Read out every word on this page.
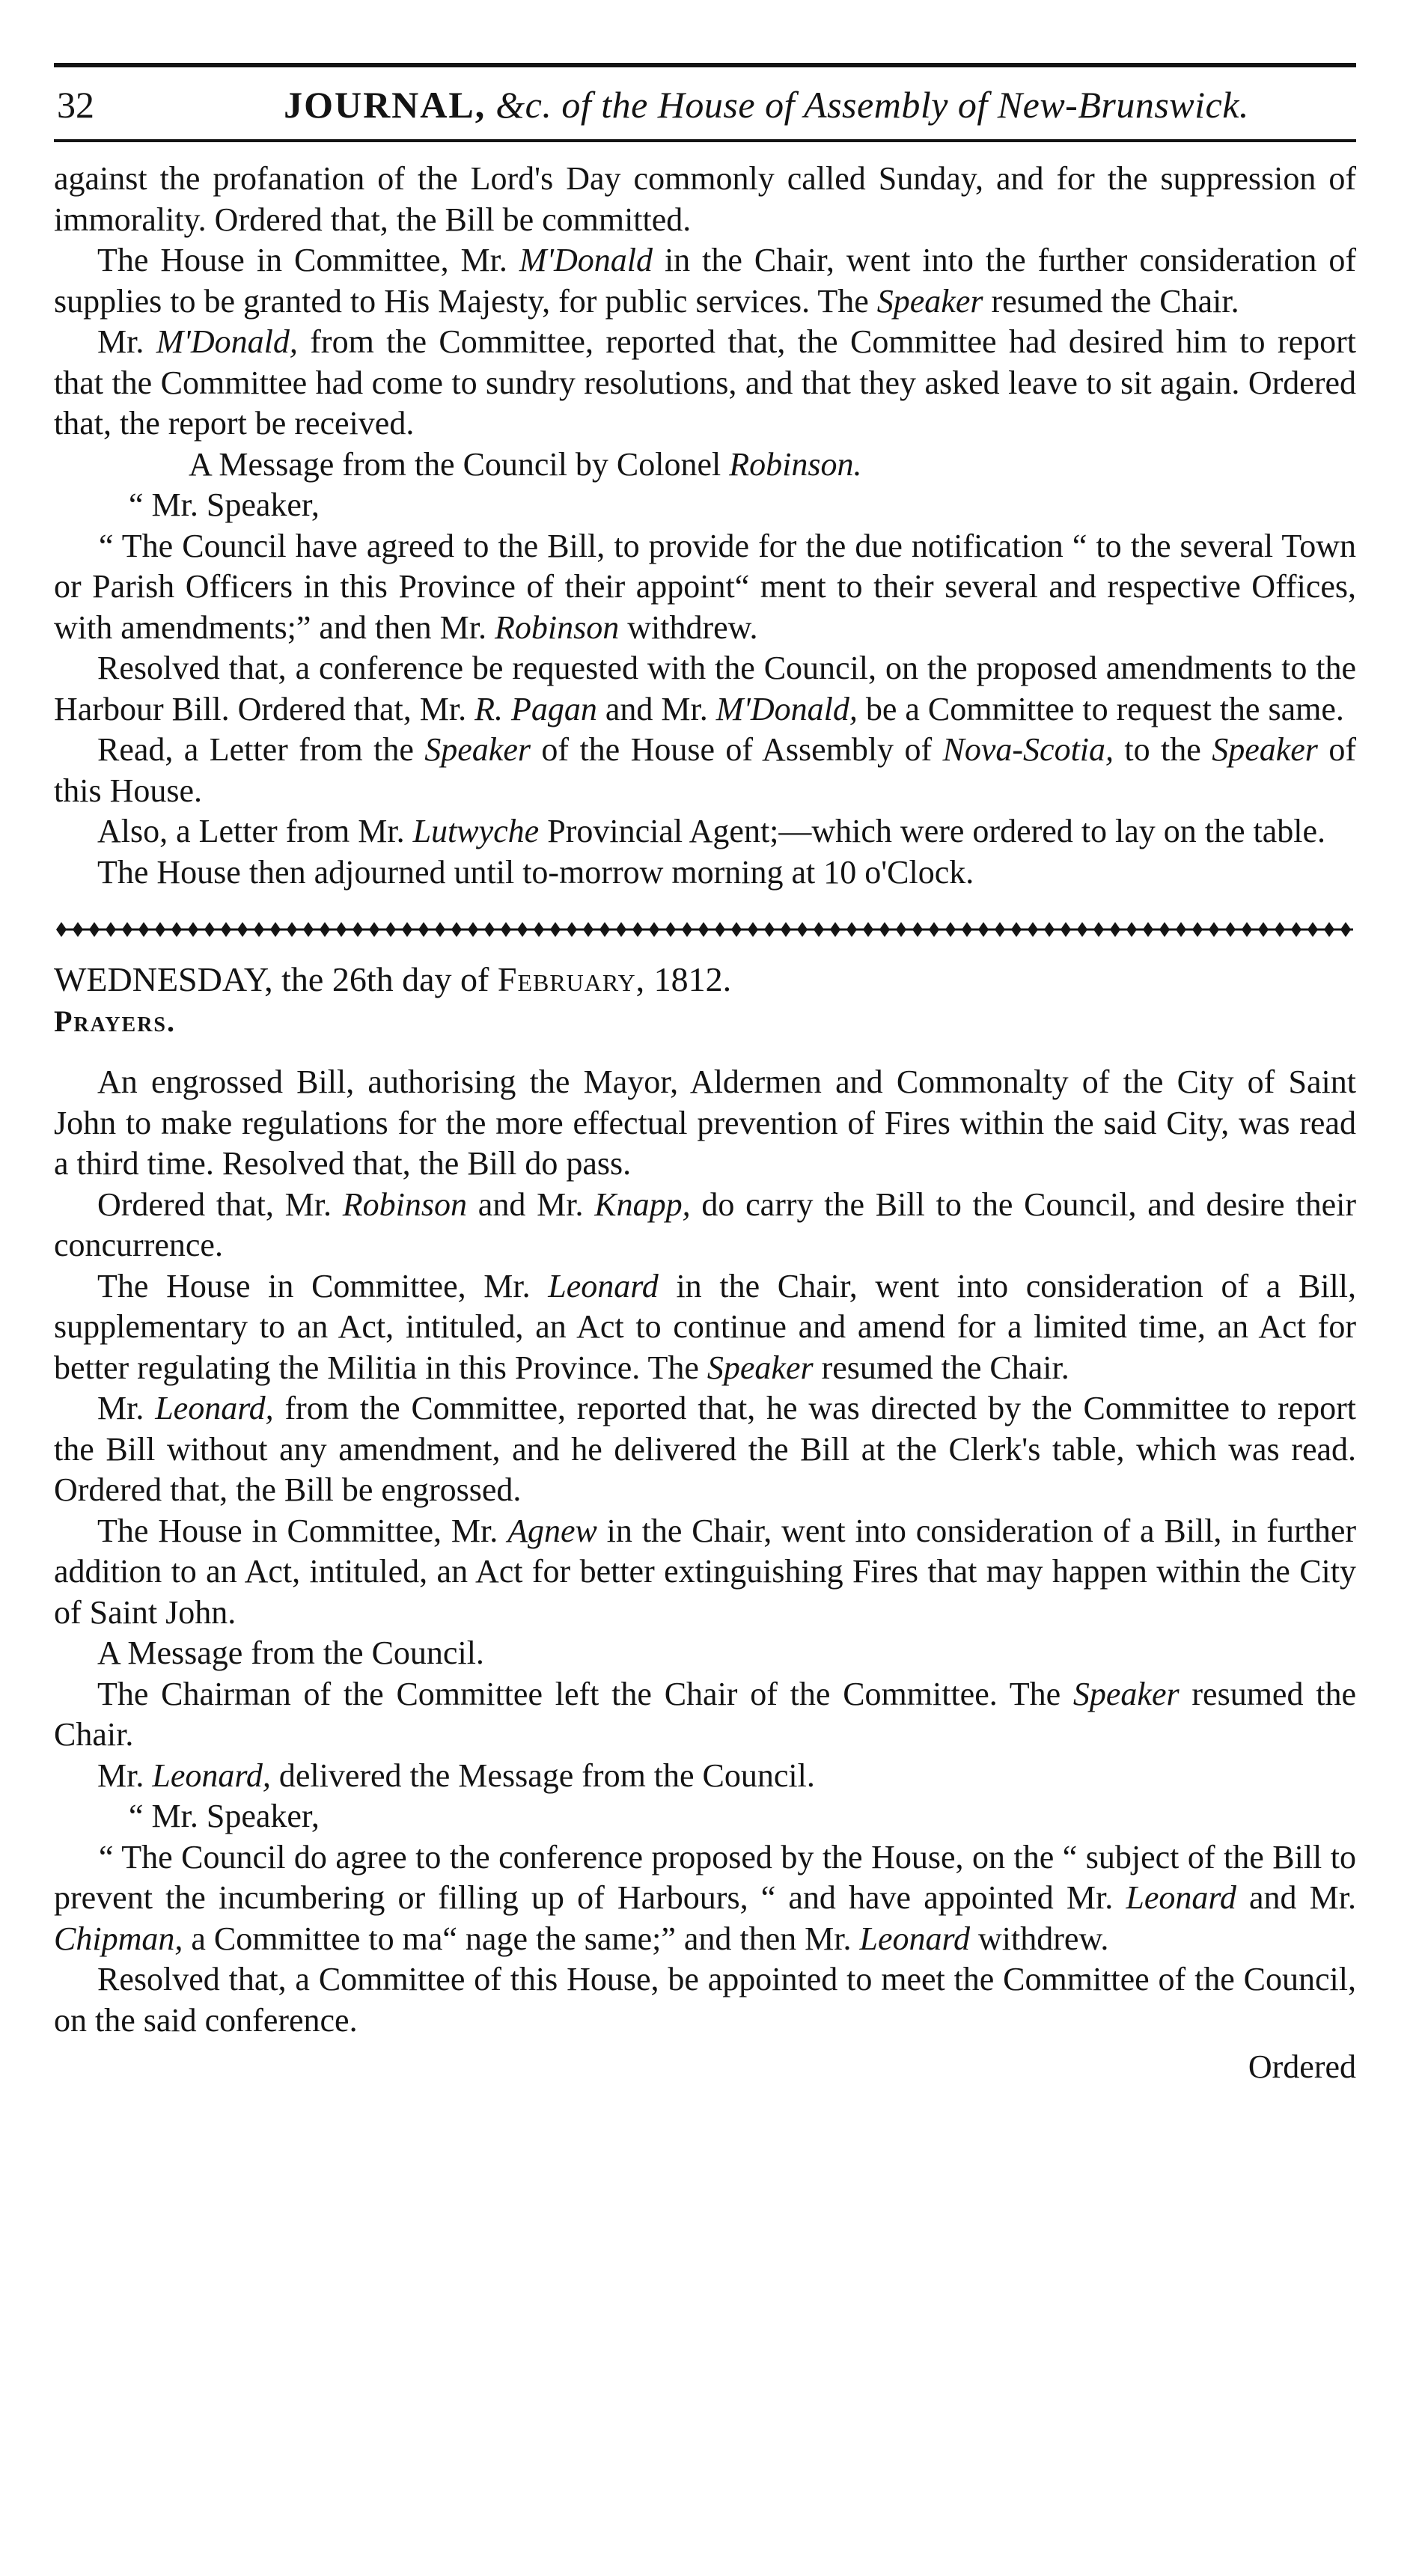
32	JOURNAL, &c. of the House of Assembly of New-Brunswick.

against the profanation of the Lord's Day commonly called Sunday, and for the suppression of immorality. Ordered that, the Bill be committed.

The House in Committee, Mr. M'Donald in the Chair, went into the further consideration of supplies to be granted to His Majesty, for public services. The Speaker resumed the Chair.

Mr. M'Donald, from the Committee, reported that, the Committee had desired him to report that the Committee had come to sundry resolutions, and that they asked leave to sit again. Ordered that, the report be received.

A Message from the Council by Colonel Robinson.

“ Mr. Speaker,

“ The Council have agreed to the Bill, to provide for the due notification “ to the several Town or Parish Officers in this Province of their appoint“ ment to their several and respective Offices, with amendments;” and then Mr. Robinson withdrew.

Resolved that, a conference be requested with the Council, on the proposed amendments to the Harbour Bill. Ordered that, Mr. R. Pagan and Mr. M'Donald, be a Committee to request the same.

Read, a Letter from the Speaker of the House of Assembly of Nova-Scotia, to the Speaker of this House.

Also, a Letter from Mr. Lutwyche Provincial Agent;—which were ordered to lay on the table.

The House then adjourned until to-morrow morning at 10 o'Clock.

WEDNESDAY, the 26th day of February, 1812.

Prayers.

An engrossed Bill, authorising the Mayor, Aldermen and Commonalty of the City of Saint John to make regulations for the more effectual prevention of Fires within the said City, was read a third time. Resolved that, the Bill do pass.

Ordered that, Mr. Robinson and Mr. Knapp, do carry the Bill to the Council, and desire their concurrence.

The House in Committee, Mr. Leonard in the Chair, went into consideration of a Bill, supplementary to an Act, intituled, an Act to continue and amend for a limited time, an Act for better regulating the Militia in this Province. The Speaker resumed the Chair.

Mr. Leonard, from the Committee, reported that, he was directed by the Committee to report the Bill without any amendment, and he delivered the Bill at the Clerk's table, which was read. Ordered that, the Bill be engrossed.

The House in Committee, Mr. Agnew in the Chair, went into consideration of a Bill, in further addition to an Act, intituled, an Act for better extinguishing Fires that may happen within the City of Saint John.

A Message from the Council.

The Chairman of the Committee left the Chair of the Committee. The Speaker resumed the Chair.

Mr. Leonard, delivered the Message from the Council.

“ Mr. Speaker,

“ The Council do agree to the conference proposed by the House, on the “ subject of the Bill to prevent the incumbering or filling up of Harbours, “ and have appointed Mr. Leonard and Mr. Chipman, a Committee to ma“ nage the same;” and then Mr. Leonard withdrew.

Resolved that, a Committee of this House, be appointed to meet the Committee of the Council, on the said conference.

Ordered
